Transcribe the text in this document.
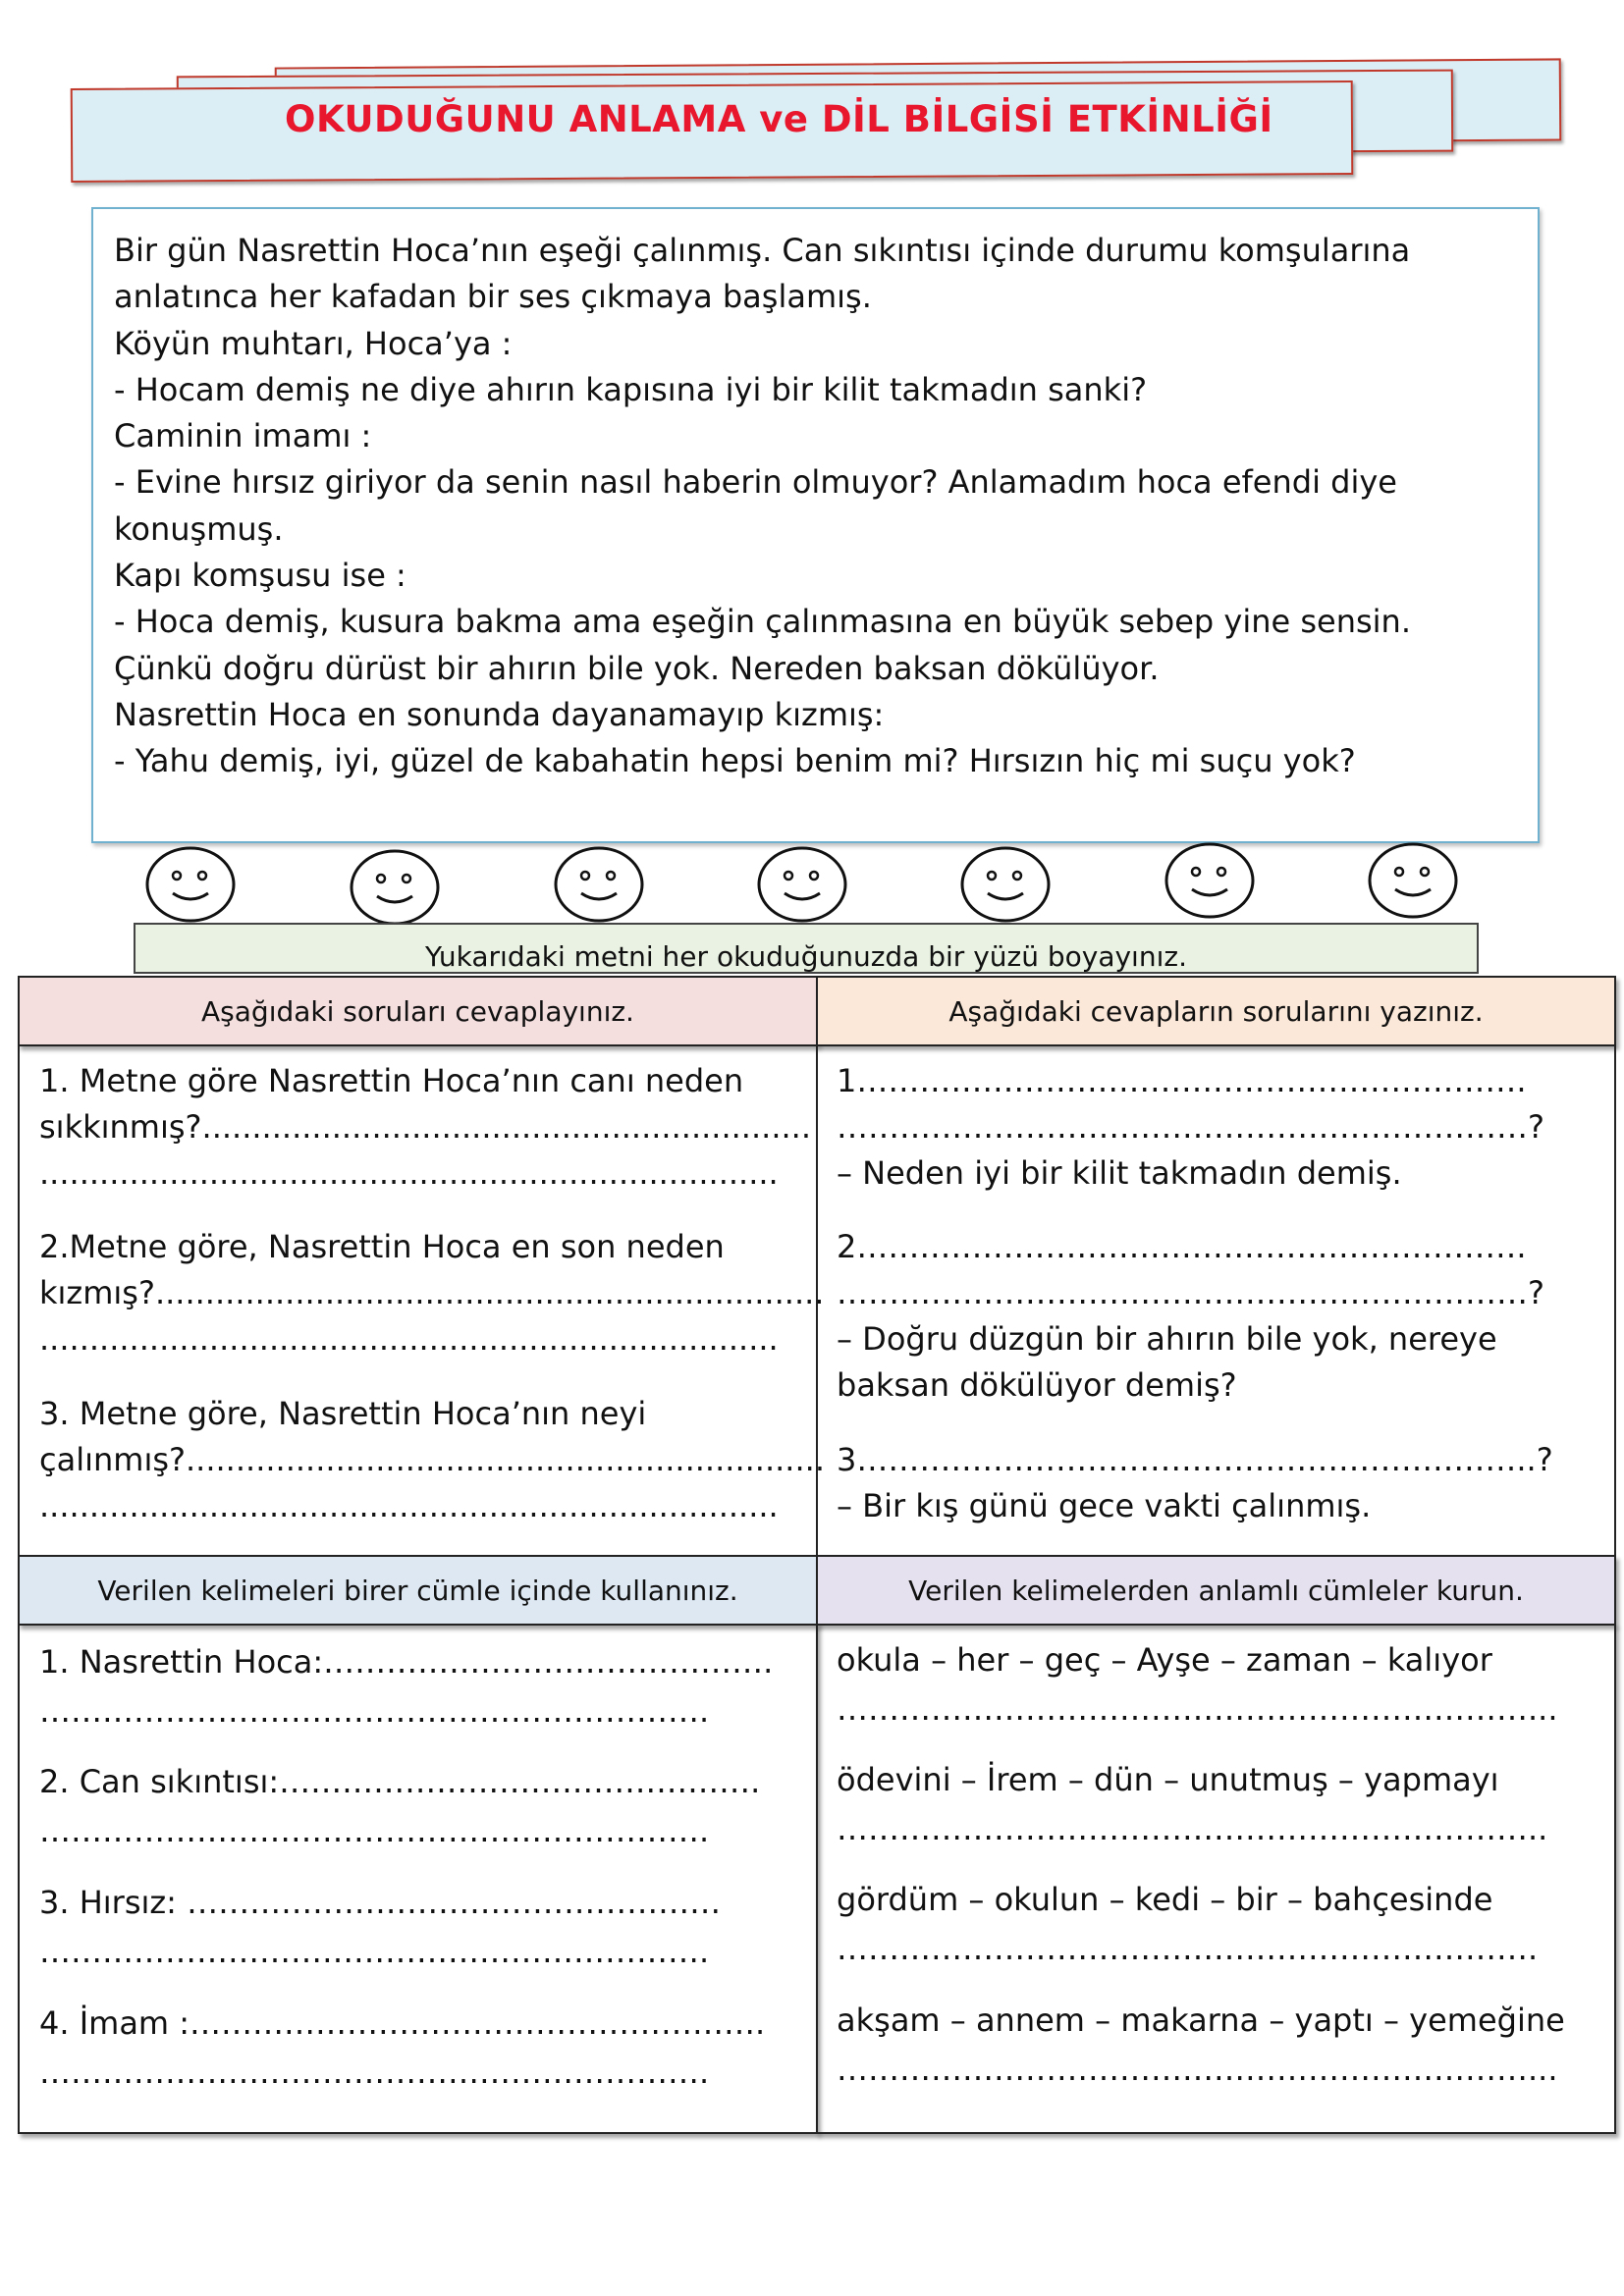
OKUDUĞUNU ANLAMA ve DİL BİLGİSİ ETKİNLİĞİ
Bir gün Nasrettin Hoca’nın eşeği çalınmış. Can sıkıntısı içinde durumu komşularına
anlatınca her kafadan bir ses çıkmaya başlamış.
Köyün muhtarı, Hoca’ya :
- Hocam demiş ne diye ahırın kapısına iyi bir kilit takmadın sanki?
Caminin imamı :
- Evine hırsız giriyor da senin nasıl haberin olmuyor? Anlamadım hoca efendi diye
konuşmuş.
Kapı komşusu ise :
- Hoca demiş, kusura bakma ama eşeğin çalınmasına en büyük sebep yine sensin.
Çünkü doğru dürüst bir ahırın bile yok. Nereden baksan dökülüyor.
Nasrettin Hoca en sonunda dayanamayıp kızmış:
- Yahu demiş, iyi, güzel de kabahatin hepsi benim mi? Hırsızın hiç mi suçu yok?
Yukarıdaki metni her okuduğunuzda bir yüzü boyayınız.
Aşağıdaki soruları cevaplayınız.	Aşağıdaki cevapların sorularını yazınız.
1. Metne göre Nasrettin Hoca’nın canı neden
sıkkınmış?.............................................................
..........................................................................
2.Metne göre, Nasrettin Hoca en son neden
kızmış?...................................................................
..........................................................................
3. Metne göre, Nasrettin Hoca’nın neyi
çalınmış?................................................................
..........................................................................
1……………………………………………………….
…………………………………………………………?
– Neden iyi bir kilit takmadın demiş.
2……………………………………………………….
…………………………………………………………?
– Doğru düzgün bir ahırın bile yok, nereye
baksan dökülüyor demiş?
3………………………………………………………..?
– Bir kış günü gece vakti çalınmış.
Verilen kelimeleri birer cümle içinde kullanınız.	Verilen kelimelerden anlamlı cümleler kurun.
1. Nasrettin Hoca:…………………………………….
……………………………………………………….
2. Can sıkıntısı:……………………………………….
……………………………………………………….
3. Hırsız: ……………………………………………
……………………………………………………….
4. İmam :……………………………………………….
……………………………………………………….
okula – her – geç – Ayşe – zaman – kalıyor
…………………………………………………………...
ödevini – İrem – dün – unutmuş – yapmayı
…………………………………………………………..
gördüm – okulun – kedi – bir – bahçesinde
………………………………………………………….
akşam – annem – makarna – yaptı – yemeğine
…………………………………………………………...
